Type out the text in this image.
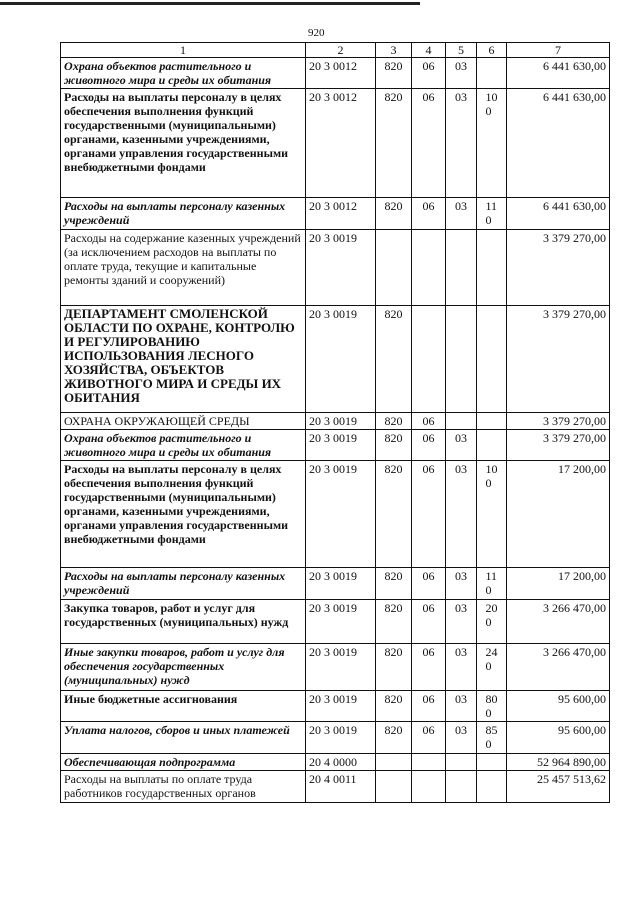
920
1	2	3	4	5	6	7
Охрана объектов растительного и животного мира и среды их обитания	20 3 0012	820	06	03		6 441 630,00
Расходы на выплаты персоналу в целях обеспечения выполнения функций государственными (муниципальными) органами, казенными учреждениями, органами управления государственными внебюджетными фондами	20 3 0012	820	06	03	100	6 441 630,00
Расходы на выплаты персоналу казенных учреждений	20 3 0012	820	06	03	110	6 441 630,00
Расходы на содержание казенных учреждений (за исключением расходов на выплаты по оплате труда, текущие и капитальные ремонты зданий и сооружений)	20 3 0019					3 379 270,00
ДЕПАРТАМЕНТ СМОЛЕНСКОЙ ОБЛАСТИ ПО ОХРАНЕ, КОНТРОЛЮ И РЕГУЛИРОВАНИЮ ИСПОЛЬЗОВАНИЯ ЛЕСНОГО ХОЗЯЙСТВА, ОБЪЕКТОВ ЖИВОТНОГО МИРА И СРЕДЫ ИХ ОБИТАНИЯ	20 3 0019	820				3 379 270,00
ОХРАНА ОКРУЖАЮЩЕЙ СРЕДЫ	20 3 0019	820	06			3 379 270,00
Охрана объектов растительного и животного мира и среды их обитания	20 3 0019	820	06	03		3 379 270,00
Расходы на выплаты персоналу в целях обеспечения выполнения функций государственными (муниципальными) органами, казенными учреждениями, органами управления государственными внебюджетными фондами	20 3 0019	820	06	03	100	17 200,00
Расходы на выплаты персоналу казенных учреждений	20 3 0019	820	06	03	110	17 200,00
Закупка товаров, работ и услуг для государственных (муниципальных) нужд	20 3 0019	820	06	03	200	3 266 470,00
Иные закупки товаров, работ и услуг для обеспечения государственных (муниципальных) нужд	20 3 0019	820	06	03	240	3 266 470,00
Иные бюджетные ассигнования	20 3 0019	820	06	03	800	95 600,00
Уплата налогов, сборов и иных платежей	20 3 0019	820	06	03	850	95 600,00
Обеспечивающая подпрограмма	20 4 0000					52 964 890,00
Расходы на выплаты по оплате труда работников государственных органов	20 4 0011					25 457 513,62
